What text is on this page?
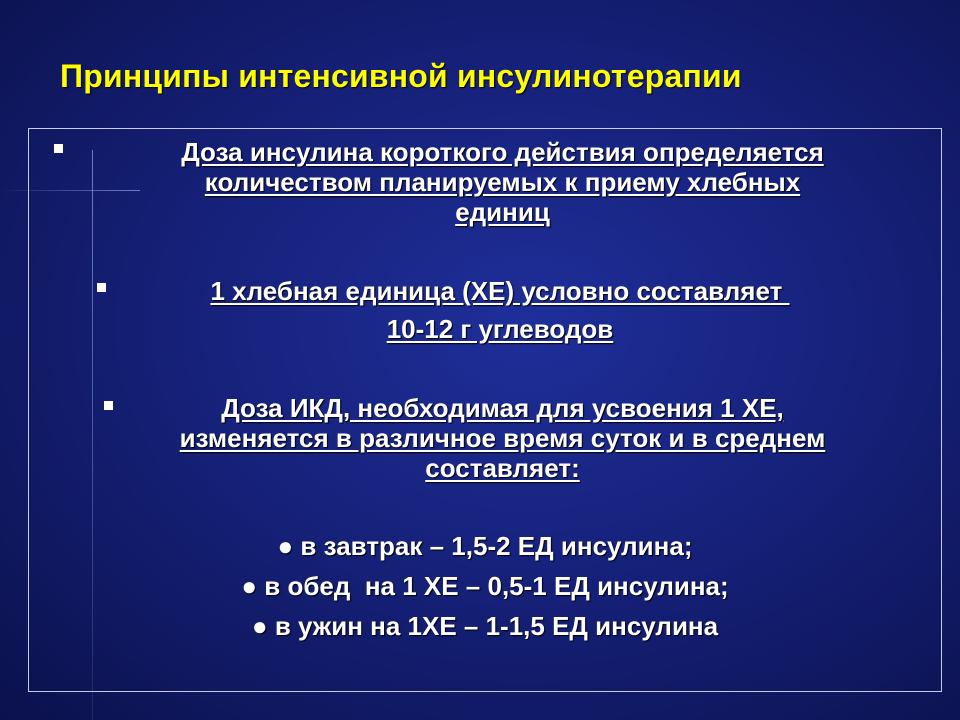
Принципы интенсивной инсулинотерапии
Доза инсулина короткого действия определяется
количеством планируемых к приему хлебных
единиц
1 хлебная единица (ХЕ) условно составляет
10-12 г углеводов
Доза ИКД, необходимая для усвоения 1 ХЕ,
изменяется в различное время суток и в среднем
составляет:
● в завтрак – 1,5-2 ЕД инсулина;
● в обед  на 1 ХЕ – 0,5-1 ЕД инсулина;
● в ужин на 1ХЕ – 1-1,5 ЕД инсулина
